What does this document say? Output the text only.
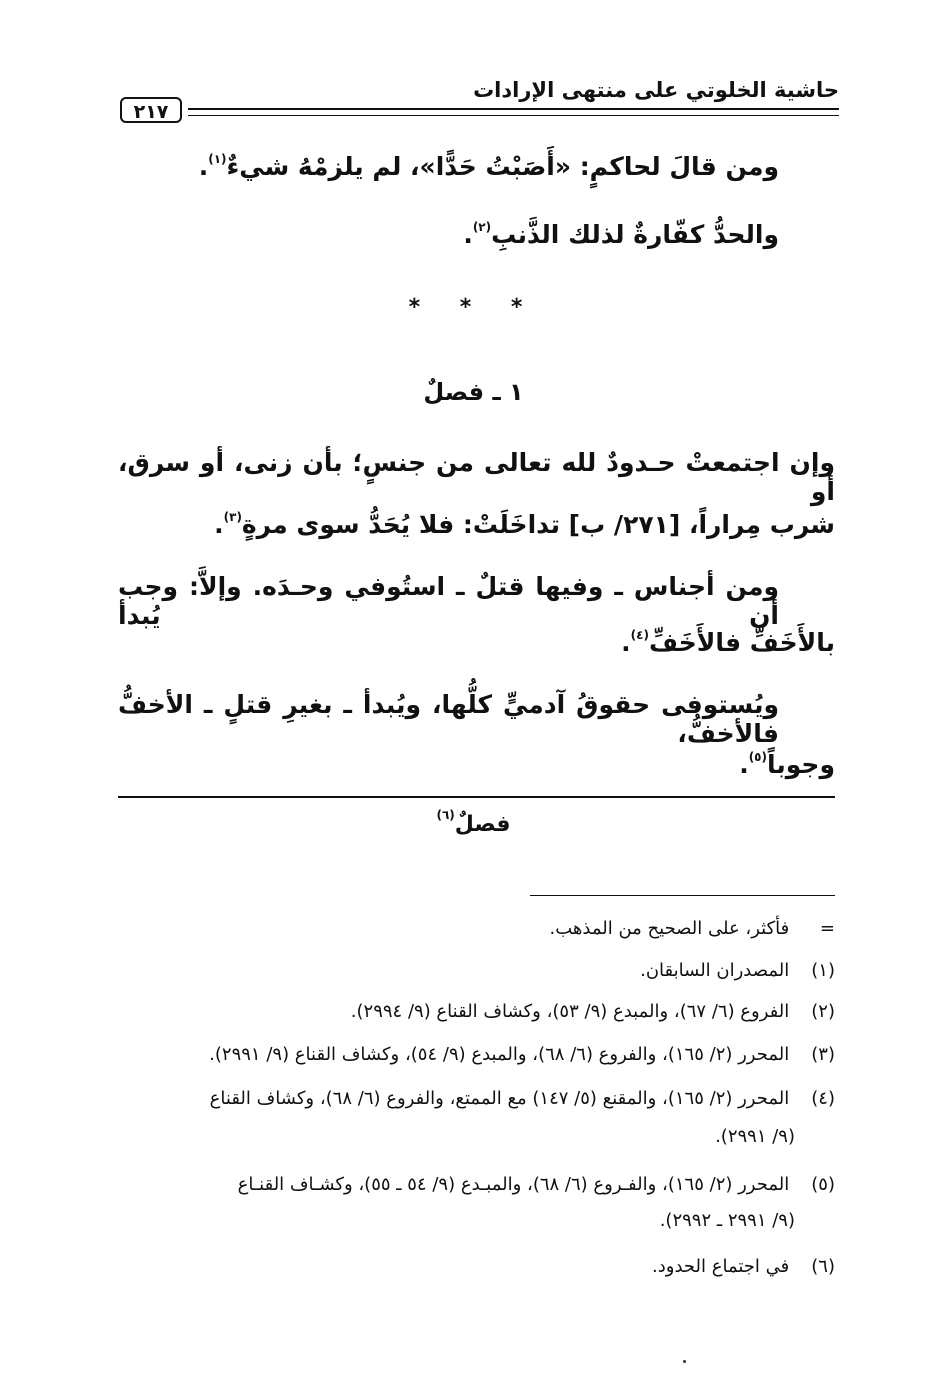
حاشية الخلوتي على منتهى الإرادات
٢١٧
ومن قالَ لحاكمٍ: «أَصَبْتُ حَدًّا»، لم يلزمْهُ شيءٌ$^{(١)}$.
والحدُّ كفّارةٌ لذلك الذَّنبِ$^{(٢)}$.
* * *
١ ـ فصلٌ
وإن اجتمعتْ حـدودٌ لله تعالى من جنسٍ؛ بأن زنى، أو سرق، أو
شرب مِراراً، [٢٧١/ ب] تداخَلَتْ: فلا يُحَدُّ سوى مرةٍ$^{(٣)}$.
ومن أجناس ـ وفيها قتلٌ ـ استُوفي وحـدَه. وإلاَّ: وجب أن يُبدأ
بالأَخَفِّ فالأَخَفِّ$^{(٤)}$.
ويُستوفى حقوقُ آدميٍّ كلُّها، ويُبدأ ـ بغيرِ قتلٍ ـ الأخفُّ فالأخفُّ،
وجوباً$^{(٥)}$.
فصلٌ$^{(٦)}$
= فأكثر، على الصحيح من المذهب.
(١) المصدران السابقان.
(٢) الفروع (٦/ ٦٧)، والمبدع (٩/ ٥٣)، وكشاف القناع (٩/ ٢٩٩٤).
(٣) المحرر (٢/ ١٦٥)، والفروع (٦/ ٦٨)، والمبدع (٩/ ٥٤)، وكشاف القناع (٩/ ٢٩٩١).
(٤) المحرر (٢/ ١٦٥)، والمقنع (٥/ ١٤٧) مع الممتع، والفروع (٦/ ٦٨)، وكشاف القناع
(٩/ ٢٩٩١).
(٥) المحرر (٢/ ١٦٥)، والفـروع (٦/ ٦٨)، والمبـدع (٩/ ٥٤ ـ ٥٥)، وكشـاف القنـاع
(٩/ ٢٩٩١ ـ ٢٩٩٢).
(٦) في اجتماع الحدود.
